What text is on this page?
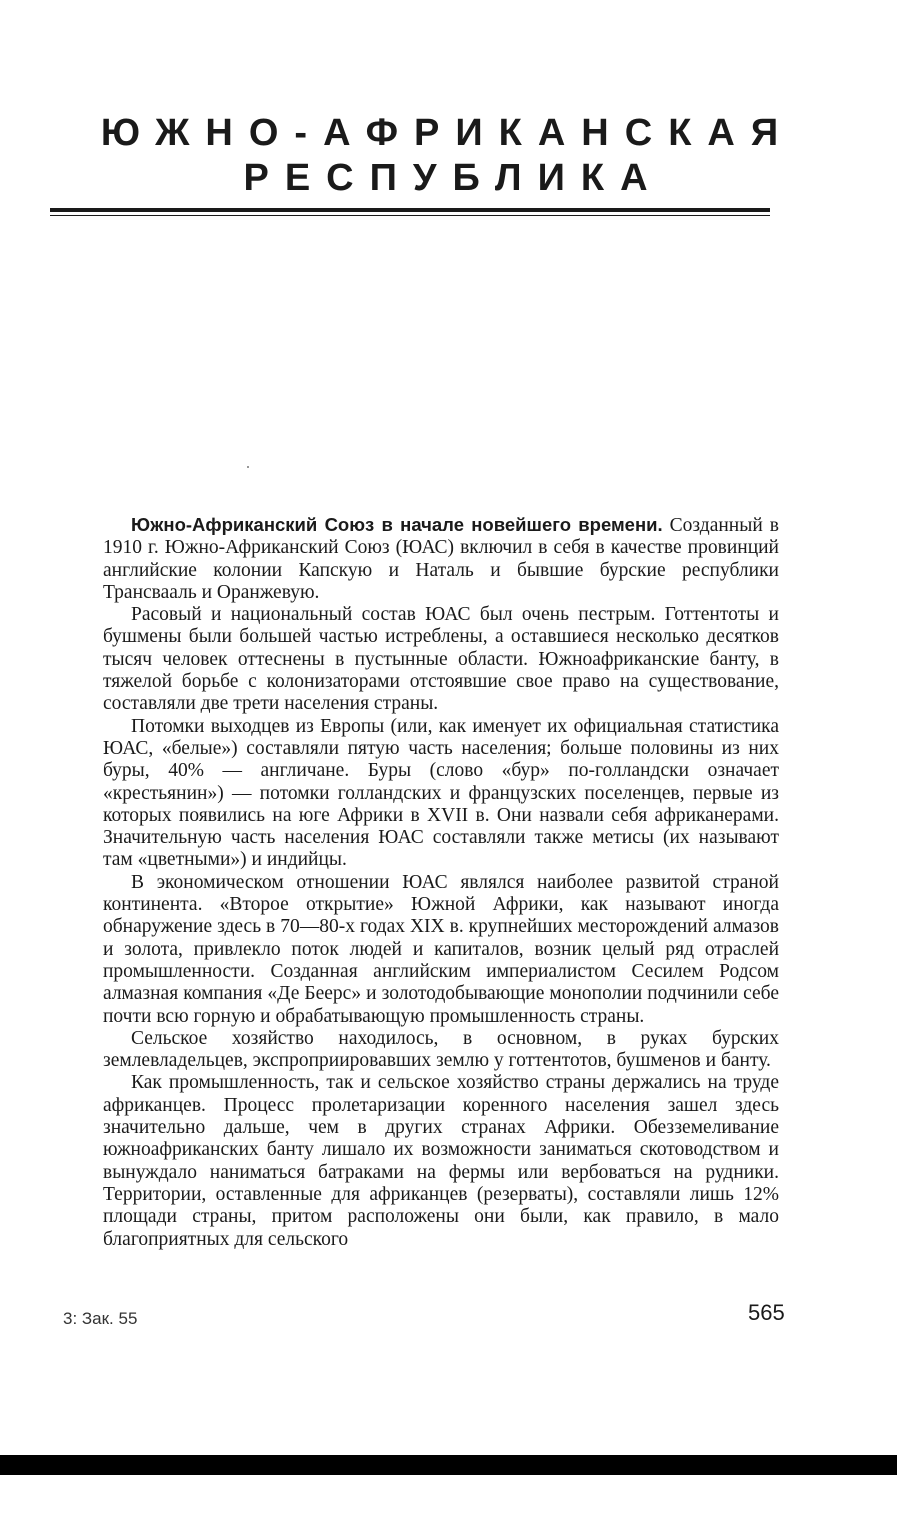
ЮЖНО-АФРИКАНСКАЯ
РЕСПУБЛИКА

Южно-Африканский Союз в начале новейшего времени. Созданный в 1910 г. Южно-Африканский Союз (ЮАС) включил в себя в качестве провинций английские колонии Капскую и Наталь и бывшие бурские республики Трансвааль и Оранжевую.

Расовый и национальный состав ЮАС был очень пестрым. Готтентоты и бушмены были большей частью истреблены, а оставшиеся несколько десятков тысяч человек оттеснены в пустынные области. Южноафриканские банту, в тяжелой борьбе с колонизаторами отстоявшие свое право на существование, составляли две трети населения страны.

Потомки выходцев из Европы (или, как именует их официальная статистика ЮАС, «белые») составляли пятую часть населения; больше половины из них буры, 40% — англичане. Буры (слово «бур» по-голландски означает «крестьянин») — потомки голландских и французских поселенцев, первые из которых появились на юге Африки в XVII в. Они назвали себя африканерами. Значительную часть населения ЮАС составляли также метисы (их называют там «цветными») и индийцы.

В экономическом отношении ЮАС являлся наиболее развитой страной континента. «Второе открытие» Южной Африки, как называют иногда обнаружение здесь в 70—80-х годах XIX в. крупнейших месторождений алмазов и золота, привлекло поток людей и капиталов, возник целый ряд отраслей промышленности. Созданная английским империалистом Сесилем Родсом алмазная компания «Де Беерс» и золотодобывающие монополии подчинили себе почти всю горную и обрабатывающую промышленность страны.

Сельское хозяйство находилось, в основном, в руках бурских землевладельцев, экспроприировавших землю у готтентотов, бушменов и банту.

Как промышленность, так и сельское хозяйство страны держались на труде африканцев. Процесс пролетаризации коренного населения зашел здесь значительно дальше, чем в других странах Африки. Обезземеливание южноафриканских банту лишало их возможности заниматься скотоводством и вынуждало наниматься батраками на фермы или вербоваться на рудники. Территории, оставленные для африканцев (резерваты), составляли лишь 12% площади страны, притом расположены они были, как правило, в мало благоприятных для сельского

3: Зак. 55	565
